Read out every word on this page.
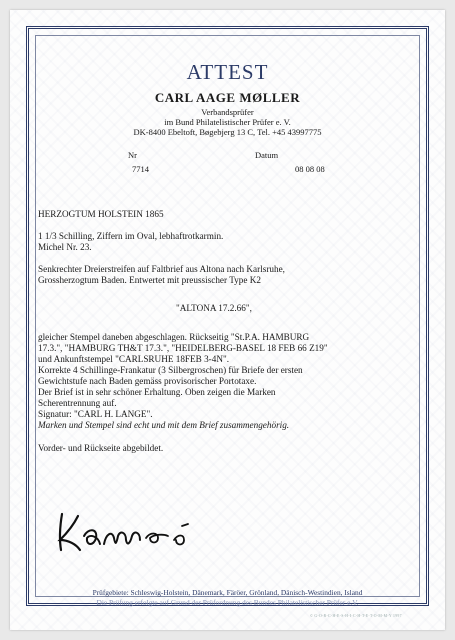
ATTEST
CARL AAGE MØLLER
Verbandsprüfer
im Bund Philatelistischer Prüfer e. V.
DK-8400 Ebeltoft, Bøgebjerg 13 C, Tel. +45 43997775
Nr
7714
Datum
08 08 08
HERZOGTUM HOLSTEIN 1865
1 1/3 Schilling, Ziffern im Oval, lebhaftrotkarmin.
Michel Nr. 23.
Senkrechter Dreierstreifen auf Faltbrief aus Altona nach Karlsruhe,
Grossherzogtum Baden. Entwertet mit preussischer Type K2
"ALTONA 17.2.66",
gleicher Stempel daneben abgeschlagen. Rückseitig "St.P.A. HAMBURG
17.3.", "HAMBURG TH&T 17.3.", "HEIDELBERG-BASEL 18 FEB 66 Z19"
und Ankunftstempel "CARLSRUHE 18FEB 3-4N".
Korrekte 4 Schillinge-Frankatur (3 Silbergroschen) für Briefe der ersten
Gewichtstufe nach Baden gemäss provisorischer Portotaxe.
Der Brief ist in sehr schöner Erhaltung. Oben zeigen die Marken
Scherentrennung auf.
Signatur: "CARL H. LANGE".
Marken und Stempel sind echt und mit dem Brief zusammengehörig.
Vorder- und Rückseite abgebildet.
Prüfgebiete: Schleswig-Holstein, Dänemark, Färöer, Grönland, Dänisch-Westindien, Island
Die Prüfung erfolgte auf Grund der Prüfordnung des Bundes Philatelistischer Prüfer e.V.
© G-O-R-C-H-E-S-H-I-C-H-T-E-T-O-M-M-Y 1997
